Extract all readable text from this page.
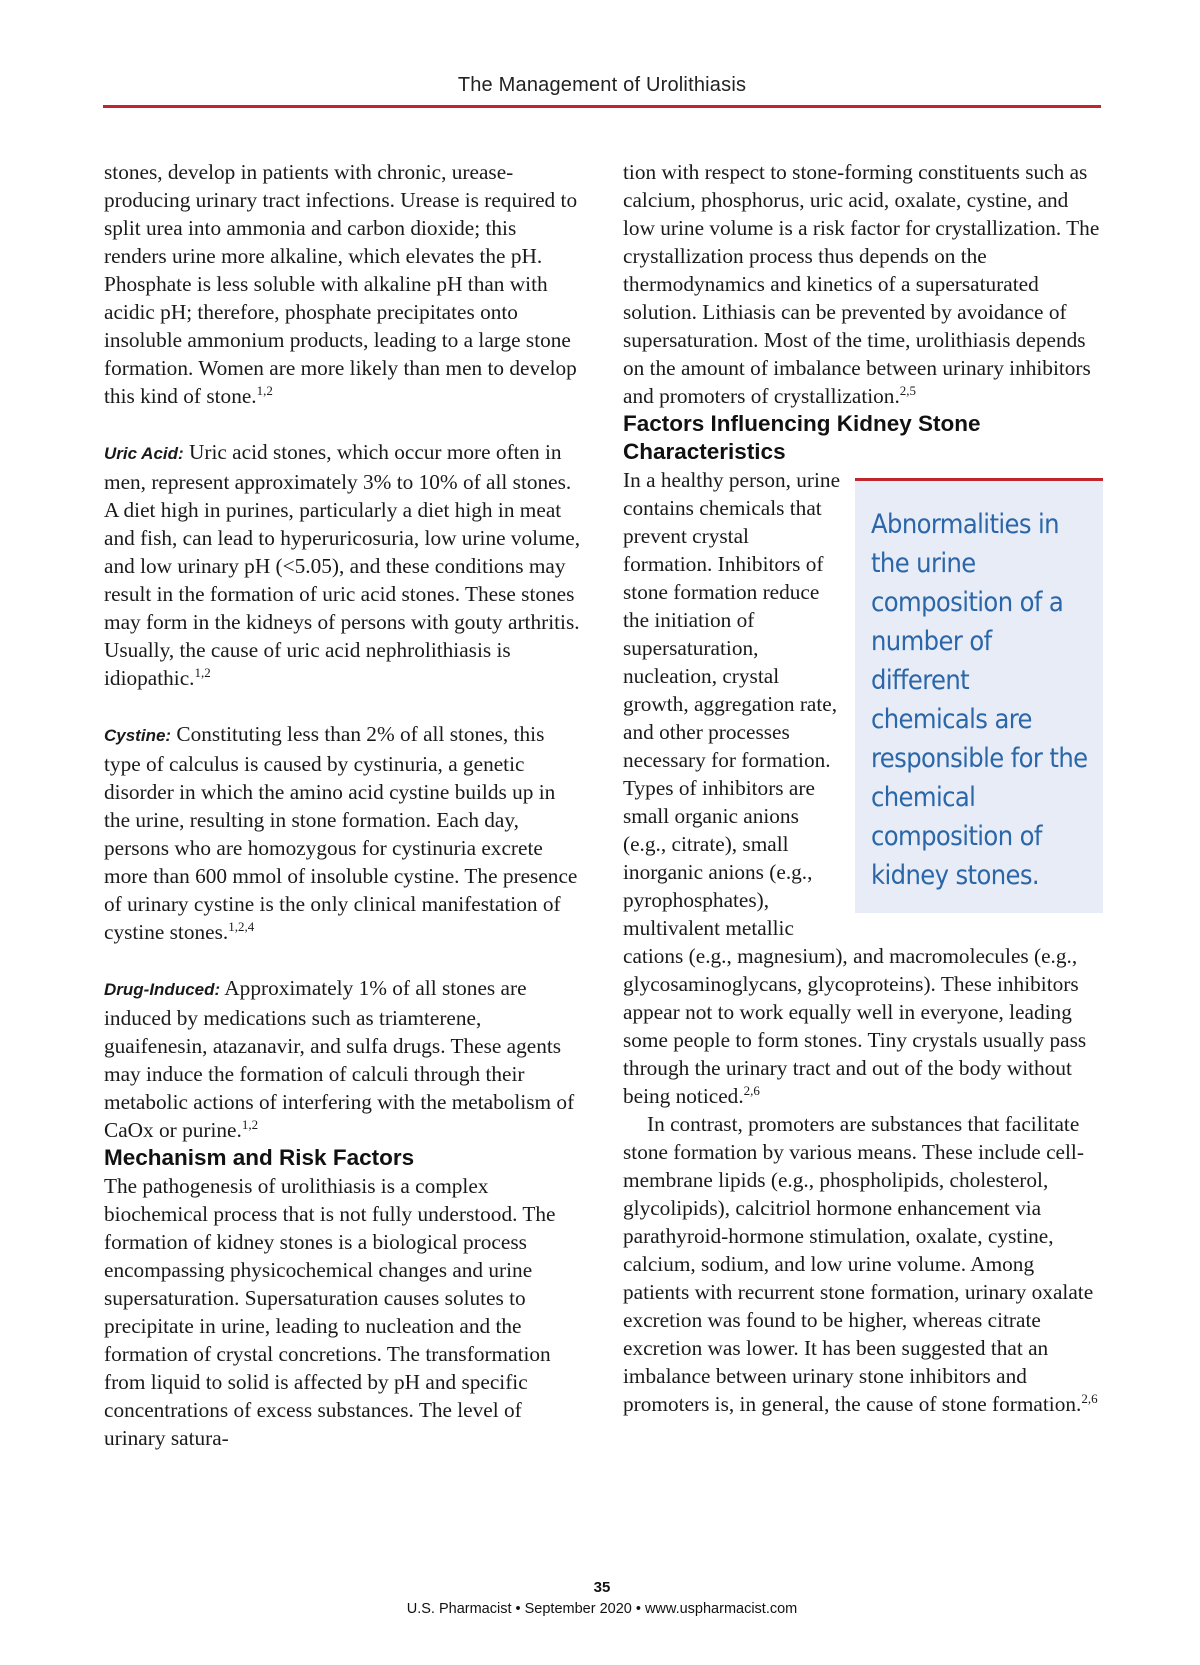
The Management of Urolithiasis

stones, develop in patients with chronic, urease-producing urinary tract infections. Urease is required to split urea into ammonia and carbon dioxide; this renders urine more alkaline, which elevates the pH. Phosphate is less soluble with alkaline pH than with acidic pH; therefore, phosphate precipitates onto insoluble ammonium products, leading to a large stone formation. Women are more likely than men to develop this kind of stone.$^{1,2}$

Uric Acid: Uric acid stones, which occur more often in men, represent approximately 3% to 10% of all stones. A diet high in purines, particularly a diet high in meat and fish, can lead to hyperuricosuria, low urine volume, and low urinary pH (<5.05), and these conditions may result in the formation of uric acid stones. These stones may form in the kidneys of persons with gouty arthritis. Usually, the cause of uric acid nephrolithiasis is idiopathic.$^{1,2}$

Cystine: Constituting less than 2% of all stones, this type of calculus is caused by cystinuria, a genetic disorder in which the amino acid cystine builds up in the urine, resulting in stone formation. Each day, persons who are homozygous for cystinuria excrete more than 600 mmol of insoluble cystine. The presence of urinary cystine is the only clinical manifestation of cystine stones.$^{1,2,4}$

Drug-Induced: Approximately 1% of all stones are induced by medications such as triamterene, guaifenesin, atazanavir, and sulfa drugs. These agents may induce the formation of calculi through their metabolic actions of interfering with the metabolism of CaOx or purine.$^{1,2}$

Mechanism and Risk Factors

The pathogenesis of urolithiasis is a complex biochemical process that is not fully understood. The formation of kidney stones is a biological process encompassing physicochemical changes and urine supersaturation. Supersaturation causes solutes to precipitate in urine, leading to nucleation and the formation of crystal concretions. The transformation from liquid to solid is affected by pH and specific concentrations of excess substances. The level of urinary satura-

tion with respect to stone-forming constituents such as calcium, phosphorus, uric acid, oxalate, cystine, and low urine volume is a risk factor for crystallization. The crystallization process thus depends on the thermodynamics and kinetics of a supersaturated solution. Lithiasis can be prevented by avoidance of supersaturation. Most of the time, urolithiasis depends on the amount of imbalance between urinary inhibitors and promoters of crystallization.$^{2,5}$

Factors Influencing Kidney Stone Characteristics
Abnormalities in the urine composition of a number of different chemicals are responsible for the chemical composition of kidney stones.

In a healthy person, urine contains chemicals that prevent crystal formation. Inhibitors of stone formation reduce the initiation of supersaturation, nucleation, crystal growth, aggregation rate, and other processes necessary for formation. Types of inhibitors are small organic anions (e.g., citrate), small inorganic anions (e.g., pyrophosphates), multivalent metallic cations (e.g., magnesium), and macromolecules (e.g., glycosaminoglycans, glycoproteins). These inhibitors appear not to work equally well in everyone, leading some people to form stones. Tiny crystals usually pass through the urinary tract and out of the body without being noticed.$^{2,6}$

In contrast, promoters are substances that facilitate stone formation by various means. These include cell-membrane lipids (e.g., phospholipids, cholesterol, glycolipids), calcitriol hormone enhancement via parathyroid-hormone stimulation, oxalate, cystine, calcium, sodium, and low urine volume. Among patients with recurrent stone formation, urinary oxalate excretion was found to be higher, whereas citrate excretion was lower. It has been suggested that an imbalance between urinary stone inhibitors and promoters is, in general, the cause of stone formation.$^{2,6}$

35
U.S. Pharmacist • September 2020 • www.uspharmacist.com
